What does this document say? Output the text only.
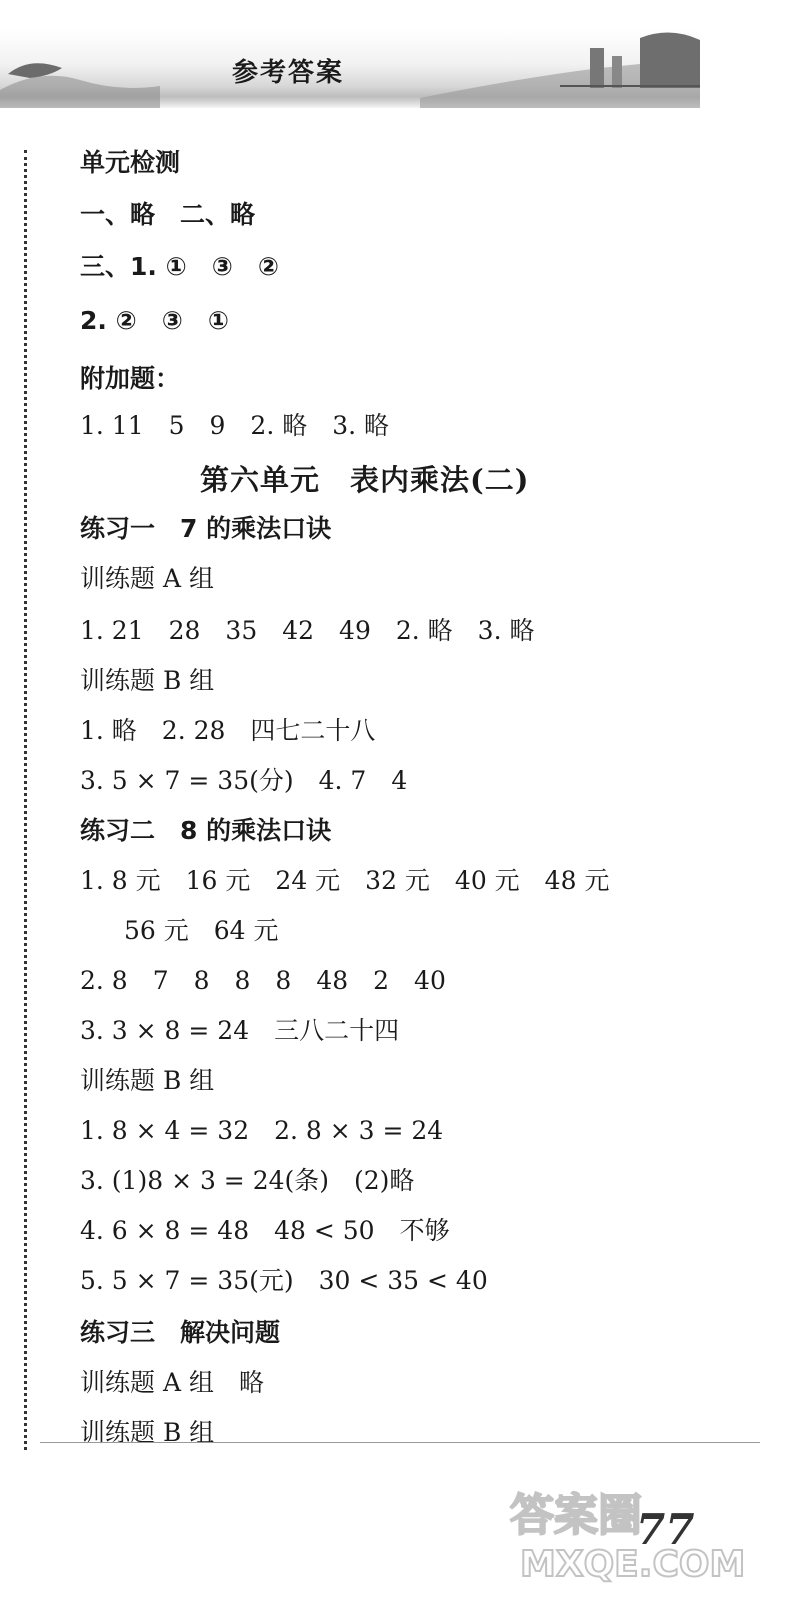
参考答案
单元检测
一、略　二、略
三、1. ①　③　②
2. ②　③　①
附加题：
1. 11　5　9　2. 略　3. 略
练习一　7 的乘法口诀
训练题 A 组
1. 21　28　35　42　49　2. 略　3. 略
训练题 B 组
1. 略　2. 28　四七二十八
3. 5 × 7 = 35(分)　4. 7　4
练习二　8 的乘法口诀
1. 8 元　16 元　24 元　32 元　40 元　48 元
56 元　64 元
2. 8　7　8　8　8　48　2　40
3. 3 × 8 = 24　三八二十四
训练题 B 组
1. 8 × 4 = 32　2. 8 × 3 = 24
3. (1)8 × 3 = 24(条)　(2)略
4. 6 × 8 = 48　48 < 50　不够
5. 5 × 7 = 35(元)　30 < 35 < 40
练习三　解决问题
训练题 A 组　略
训练题 B 组
第六单元　表内乘法(二)
答案圈
MXQE.COM
77
